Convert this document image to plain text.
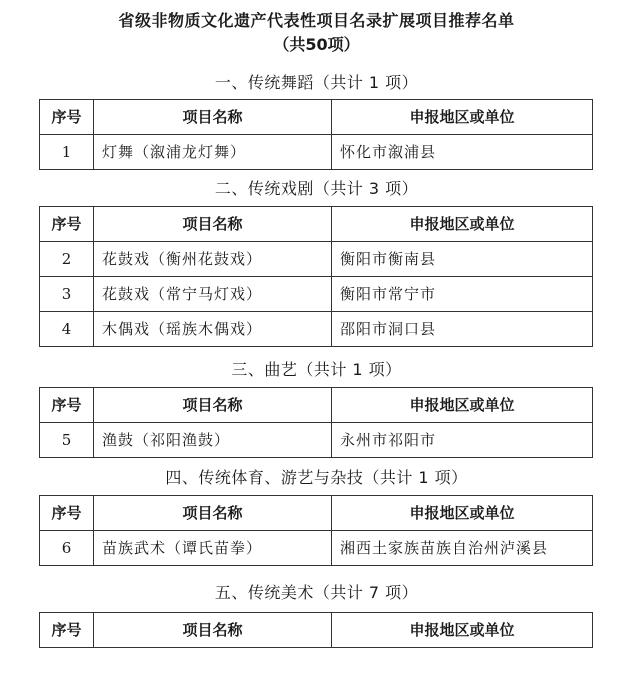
省级非物质文化遗产代表性项目名录扩展项目推荐名单
（共50项）
一、传统舞蹈（共计 1 项）
序号	项目名称	申报地区或单位
1	灯舞（溆浦龙灯舞）	怀化市溆浦县
二、传统戏剧（共计 3 项）
序号	项目名称	申报地区或单位
2	花鼓戏（衡州花鼓戏）	衡阳市衡南县
3	花鼓戏（常宁马灯戏）	衡阳市常宁市
4	木偶戏（瑶族木偶戏）	邵阳市洞口县
三、曲艺（共计 1 项）
序号	项目名称	申报地区或单位
5	渔鼓（祁阳渔鼓）	永州市祁阳市
四、传统体育、游艺与杂技（共计 1 项）
序号	项目名称	申报地区或单位
6	苗族武术（谭氏苗拳）	湘西土家族苗族自治州泸溪县
五、传统美术（共计 7 项）
序号	项目名称	申报地区或单位
